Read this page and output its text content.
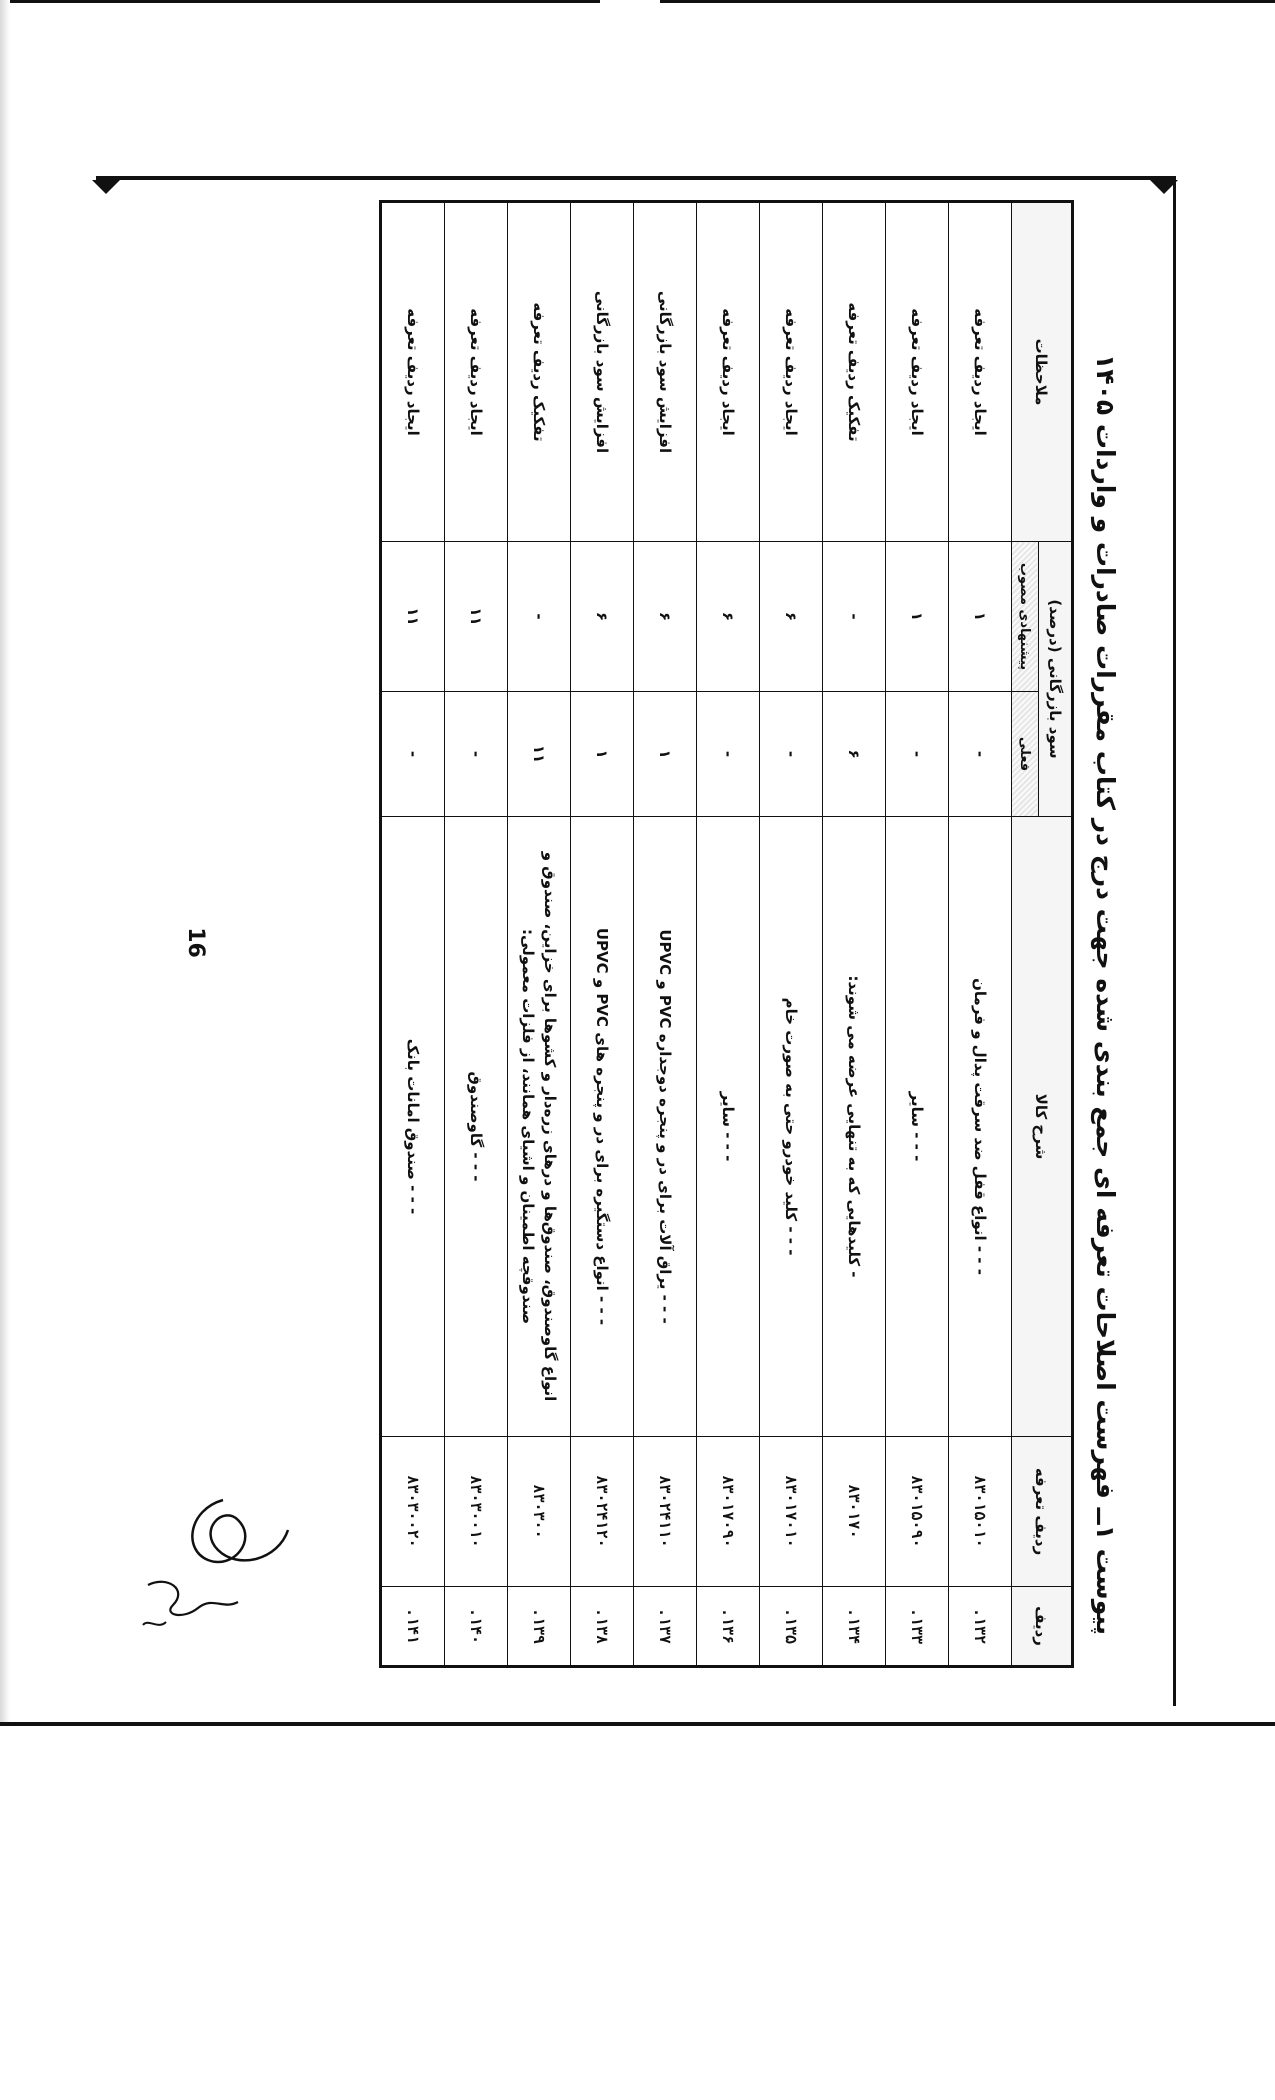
16
پیوست ۱ــ فهرست اصلاحات تعرفه ای جمع بندی شده جهت درج در کتاب مقررات صادرات و واردات ۱۴۰۵
ردیف	ردیف تعرفه	شرح کالا	سود بازرگانی (درصد)		ملاحظات
			فعلی	پیشنهادی مصوب	
.۱۳۲	۸۳۰۱۵۰۱۰	- - - انواع قفل ضد سرقت پدال و فرمان	-	۱	ایجاد ردیف تعرفه
.۱۳۳	۸۳۰۱۵۰۹۰	- - - سایر	-	۱	ایجاد ردیف تعرفه
.۱۳۴	۸۳۰۱۷۰	- کلیدهایی که به تنهایی عرضه می شوند:	۶	-	تفکیک ردیف تعرفه
.۱۳۵	۸۳۰۱۷۰۱۰	- - - کلید خودرو حتی به صورت خام	-	۶	ایجاد ردیف تعرفه
.۱۳۶	۸۳۰۱۷۰۹۰	- - - سایر	-	۶	ایجاد ردیف تعرفه
.۱۳۷	۸۳۰۲۴۱۱۰	- - - یراق آلات برای در و پنجره دوجداره PVC و UPVC	۱	۶	افزایش سود بازرگانی
.۱۳۸	۸۳۰۲۴۱۲۰	- - - انواع دستگیره برای در و پنجره های PVC و UPVC	۱	۶	افزایش سود بازرگانی
.۱۳۹	۸۳۰۳۰۰	انواع گاوصندوق، صندوق‌ها و درهای زره‌دار و کشوها برای خزاین، صندوق و صندوقچه اطمینان و اشیای همانند، از فلزات معمولی:	۱۱	-	تفکیک ردیف تعرفه
.۱۴۰	۸۳۰۳۰۰۱۰	- - - گاوصندوق	-	۱۱	ایجاد ردیف تعرفه
.۱۴۱	۸۳۰۳۰۰۲۰	- - - صندوق امانات بانک	-	۱۱	ایجاد ردیف تعرفه
